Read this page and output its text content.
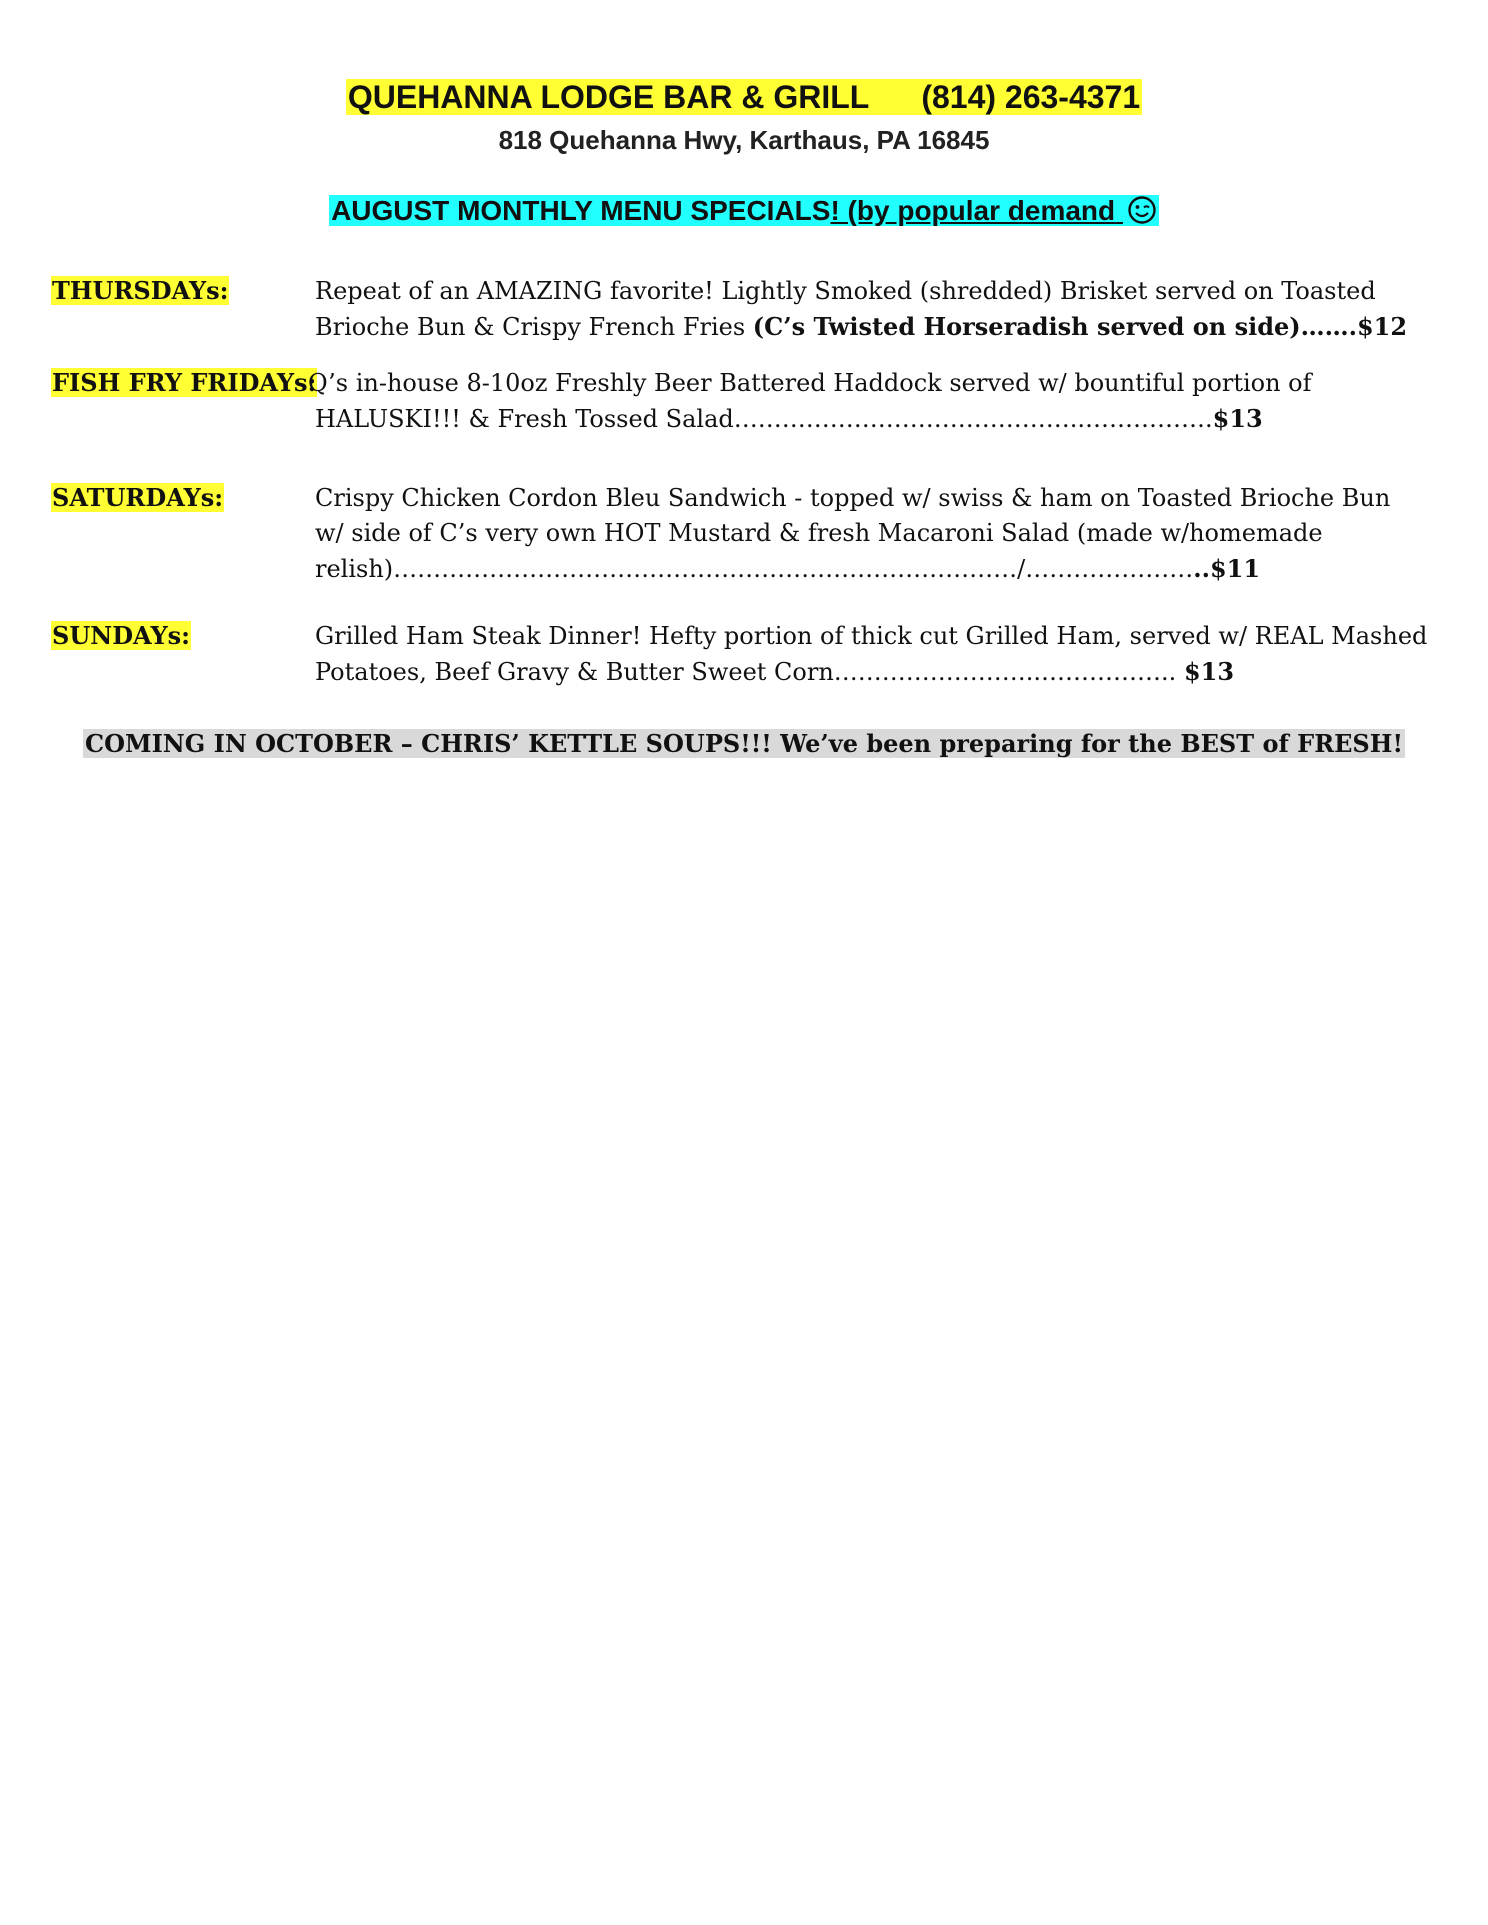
QUEHANNA LODGE BAR & GRILL (814) 263-4371
818 Quehanna Hwy, Karthaus, PA 16845
AUGUST MONTHLY MENU SPECIALS! (by popular demand
THURSDAYs:	Repeat of an AMAZING favorite! Lightly Smoked (shredded) Brisket served on Toasted
Brioche Bun & Crispy French Fries (C’s Twisted Horseradish served on side)…….$12
FISH FRY FRIDAYs:
Q’s in-house 8-10oz Freshly Beer Battered Haddock served w/ bountiful portion of
HALUSKI!!! & Fresh Tossed Salad……………………………………..…………….$13
SATURDAYs:	Crispy Chicken Cordon Bleu Sandwich - topped w/ swiss & ham on Toasted Brioche Bun
w/ side of C’s very own HOT Mustard & fresh Macaroni Salad (made w/homemade
relish)……………………………………………………………………/…………………..$11
SUNDAYs:	Grilled Ham Steak Dinner! Hefty portion of thick cut Grilled Ham, served w/ REAL Mashed
Potatoes, Beef Gravy & Butter Sweet Corn……………………..…………….. $13
COMING IN OCTOBER – CHRIS’ KETTLE SOUPS!!! We’ve been preparing for the BEST of FRESH!
